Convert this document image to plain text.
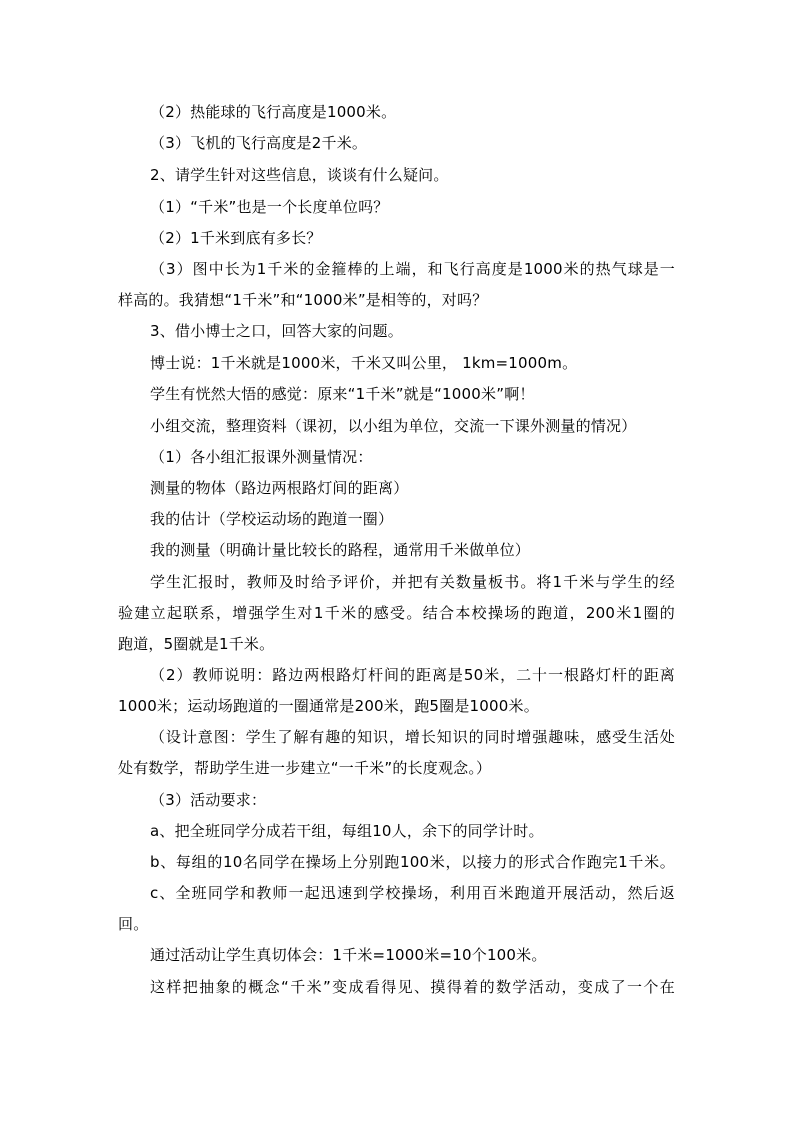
（2）热能球的飞行高度是1000米。
（3）飞机的飞行高度是2千米。
2、请学生针对这些信息，谈谈有什么疑问。
（1）“千米”也是一个长度单位吗？
（2）1千米到底有多长？
（3）图中长为1千米的金箍棒的上端，和飞行高度是1000米的热气球是一
样高的。我猜想“1千米”和“1000米”是相等的，对吗？
3、借小博士之口，回答大家的问题。
博士说：1千米就是1000米，千米又叫公里， 1km=1000m。
学生有恍然大悟的感觉：原来“1千米”就是“1000米”啊！
小组交流，整理资料（课初，以小组为单位，交流一下课外测量的情况）
（1）各小组汇报课外测量情况：
测量的物体（路边两根路灯间的距离）
我的估计（学校运动场的跑道一圈）
我的测量（明确计量比较长的路程，通常用千米做单位）
学生汇报时，教师及时给予评价，并把有关数量板书。将1千米与学生的经
验建立起联系，增强学生对1千米的感受。结合本校操场的跑道，200米1圈的
跑道，5圈就是1千米。
（2）教师说明：路边两根路灯杆间的距离是50米，二十一根路灯杆的距离
1000米；运动场跑道的一圈通常是200米，跑5圈是1000米。
（设计意图：学生了解有趣的知识，增长知识的同时增强趣味，感受生活处
处有数学，帮助学生进一步建立“一千米”的长度观念。）
（3）活动要求：
a、把全班同学分成若干组，每组10人，余下的同学计时。
b、每组的10名同学在操场上分别跑100米，以接力的形式合作跑完1千米。
c、全班同学和教师一起迅速到学校操场，利用百米跑道开展活动，然后返
回。
通过活动让学生真切体会：1千米=1000米=10个100米。
这样把抽象的概念“千米”变成看得见、摸得着的数学活动，变成了一个在
